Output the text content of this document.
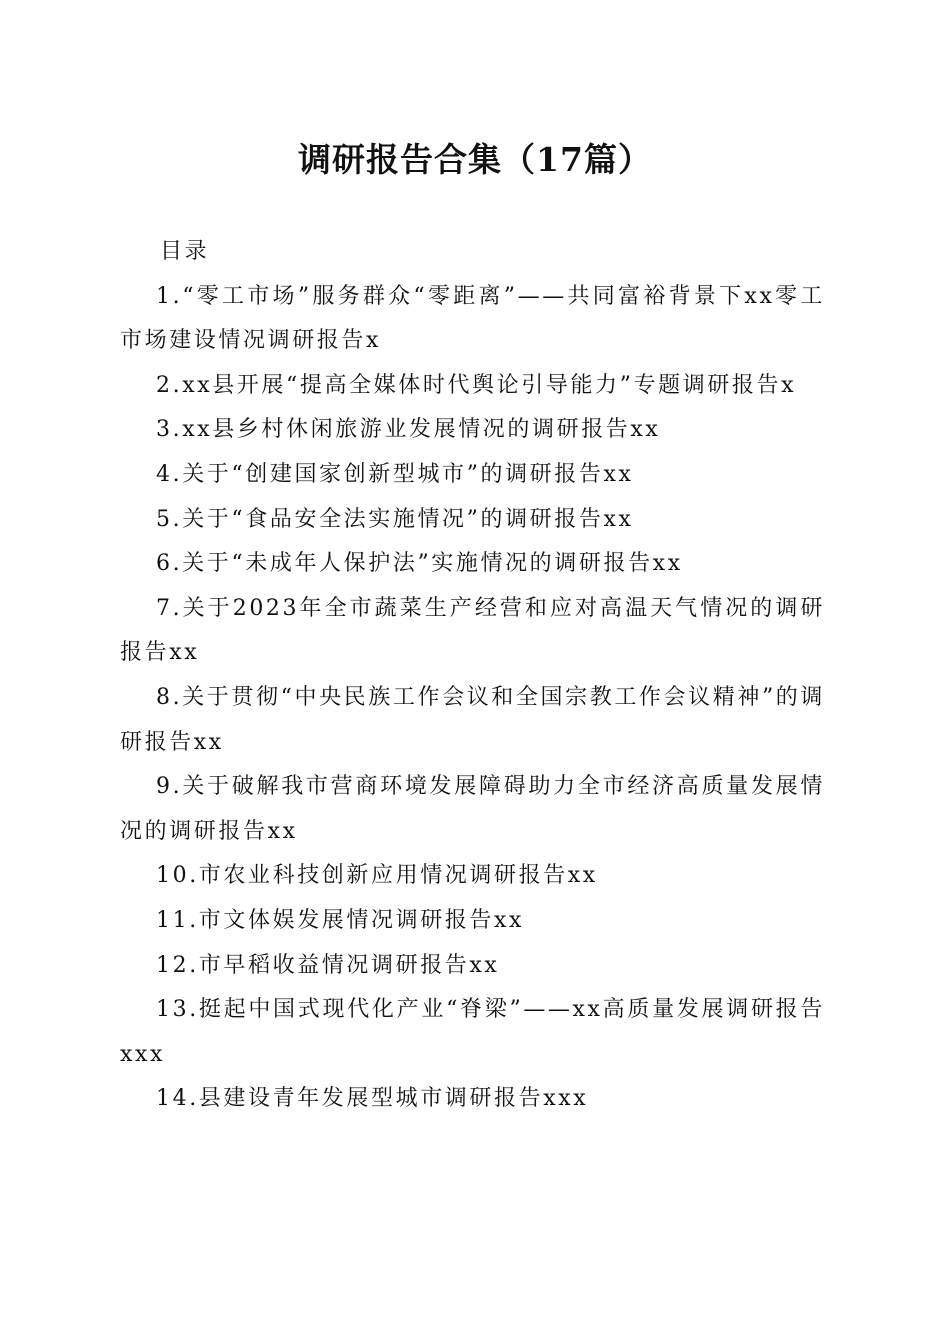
调研报告合集（17篇）

目录

1.“零工市场”服务群众“零距离”——共同富裕背景下xx零工市场建设情况调研报告x

2.xx县开展“提高全媒体时代舆论引导能力”专题调研报告x

3.xx县乡村休闲旅游业发展情况的调研报告xx

4.关于“创建国家创新型城市”的调研报告xx

5.关于“食品安全法实施情况”的调研报告xx

6.关于“未成年人保护法”实施情况的调研报告xx

7.关于2023年全市蔬菜生产经营和应对高温天气情况的调研报告xx

8.关于贯彻“中央民族工作会议和全国宗教工作会议精神”的调研报告xx

9.关于破解我市营商环境发展障碍助力全市经济高质量发展情况的调研报告xx

10.市农业科技创新应用情况调研报告xx

11.市文体娱发展情况调研报告xx

12.市早稻收益情况调研报告xx

13.挺起中国式现代化产业“脊梁”——xx高质量发展调研报告xxx

14.县建设青年发展型城市调研报告xxx
